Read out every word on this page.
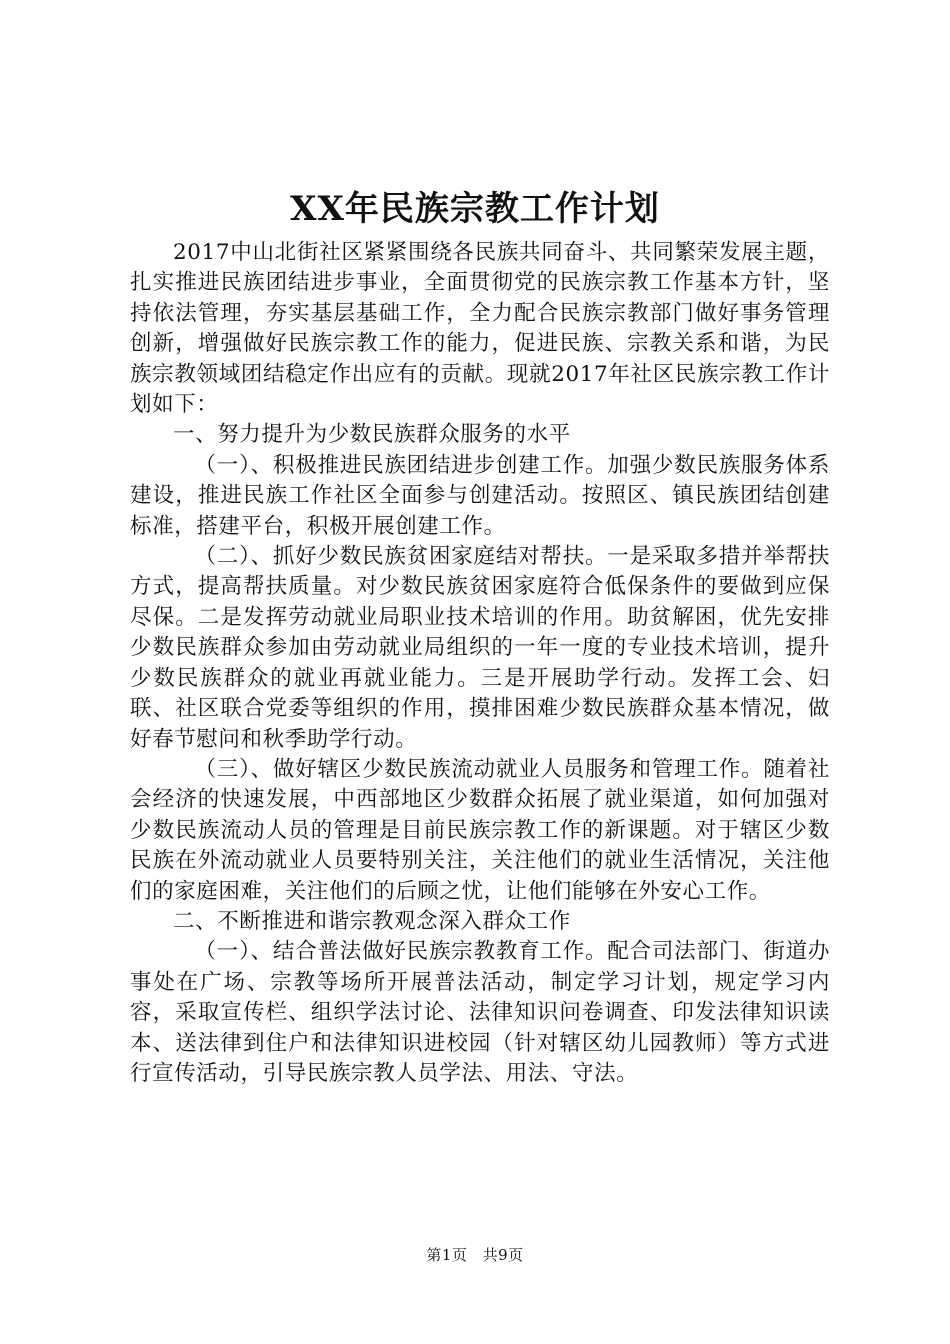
XX年民族宗教工作计划

2017中山北街社区紧紧围绕各民族共同奋斗、共同繁荣发展主题，扎实推进民族团结进步事业，全面贯彻党的民族宗教工作基本方针，坚持依法管理，夯实基层基础工作，全力配合民族宗教部门做好事务管理创新，增强做好民族宗教工作的能力，促进民族、宗教关系和谐，为民族宗教领域团结稳定作出应有的贡献。现就2017年社区民族宗教工作计划如下：

一、努力提升为少数民族群众服务的水平

（一）、积极推进民族团结进步创建工作。加强少数民族服务体系建设，推进民族工作社区全面参与创建活动。按照区、镇民族团结创建标准，搭建平台，积极开展创建工作。

（二）、抓好少数民族贫困家庭结对帮扶。一是采取多措并举帮扶方式，提高帮扶质量。对少数民族贫困家庭符合低保条件的要做到应保尽保。二是发挥劳动就业局职业技术培训的作用。助贫解困，优先安排少数民族群众参加由劳动就业局组织的一年一度的专业技术培训，提升少数民族群众的就业再就业能力。三是开展助学行动。发挥工会、妇联、社区联合党委等组织的作用，摸排困难少数民族群众基本情况，做好春节慰问和秋季助学行动。

（三）、做好辖区少数民族流动就业人员服务和管理工作。随着社会经济的快速发展，中西部地区少数群众拓展了就业渠道，如何加强对少数民族流动人员的管理是目前民族宗教工作的新课题。对于辖区少数民族在外流动就业人员要特别关注，关注他们的就业生活情况，关注他们的家庭困难，关注他们的后顾之忧，让他们能够在外安心工作。

二、不断推进和谐宗教观念深入群众工作

（一）、结合普法做好民族宗教教育工作。配合司法部门、街道办事处在广场、宗教等场所开展普法活动，制定学习计划，规定学习内容，采取宣传栏、组织学法讨论、法律知识问卷调查、印发法律知识读本、送法律到住户和法律知识进校园（针对辖区幼儿园教师）等方式进行宣传活动，引导民族宗教人员学法、用法、守法。

第1页 共9页
